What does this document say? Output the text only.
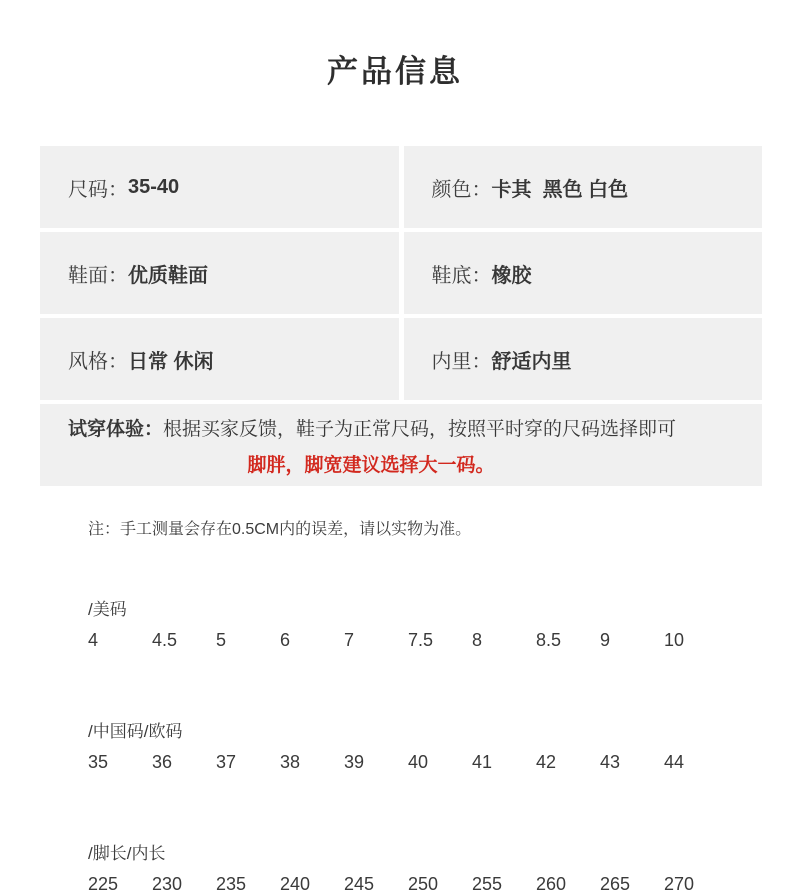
产品信息
尺码： 35-40	颜色： 卡其  黑色 白色
鞋面： 优质鞋面	鞋底： 橡胶
风格： 日常 休闲	内里： 舒适内里
试穿体验：根据买家反馈，鞋子为正常尺码，按照平时穿的尺码选择即可
脚胖，脚宽建议选择大一码。

注：手工测量会存在0.5CM内的误差，请以实物为准。

/美码
4	4.5	5	6	7	7.5	8	8.5	9	10
/中国码/欧码
35	36	37	38	39	40	41	42	43	44
/脚长/内长
225	230	235	240	245	250	255	260	265	270
